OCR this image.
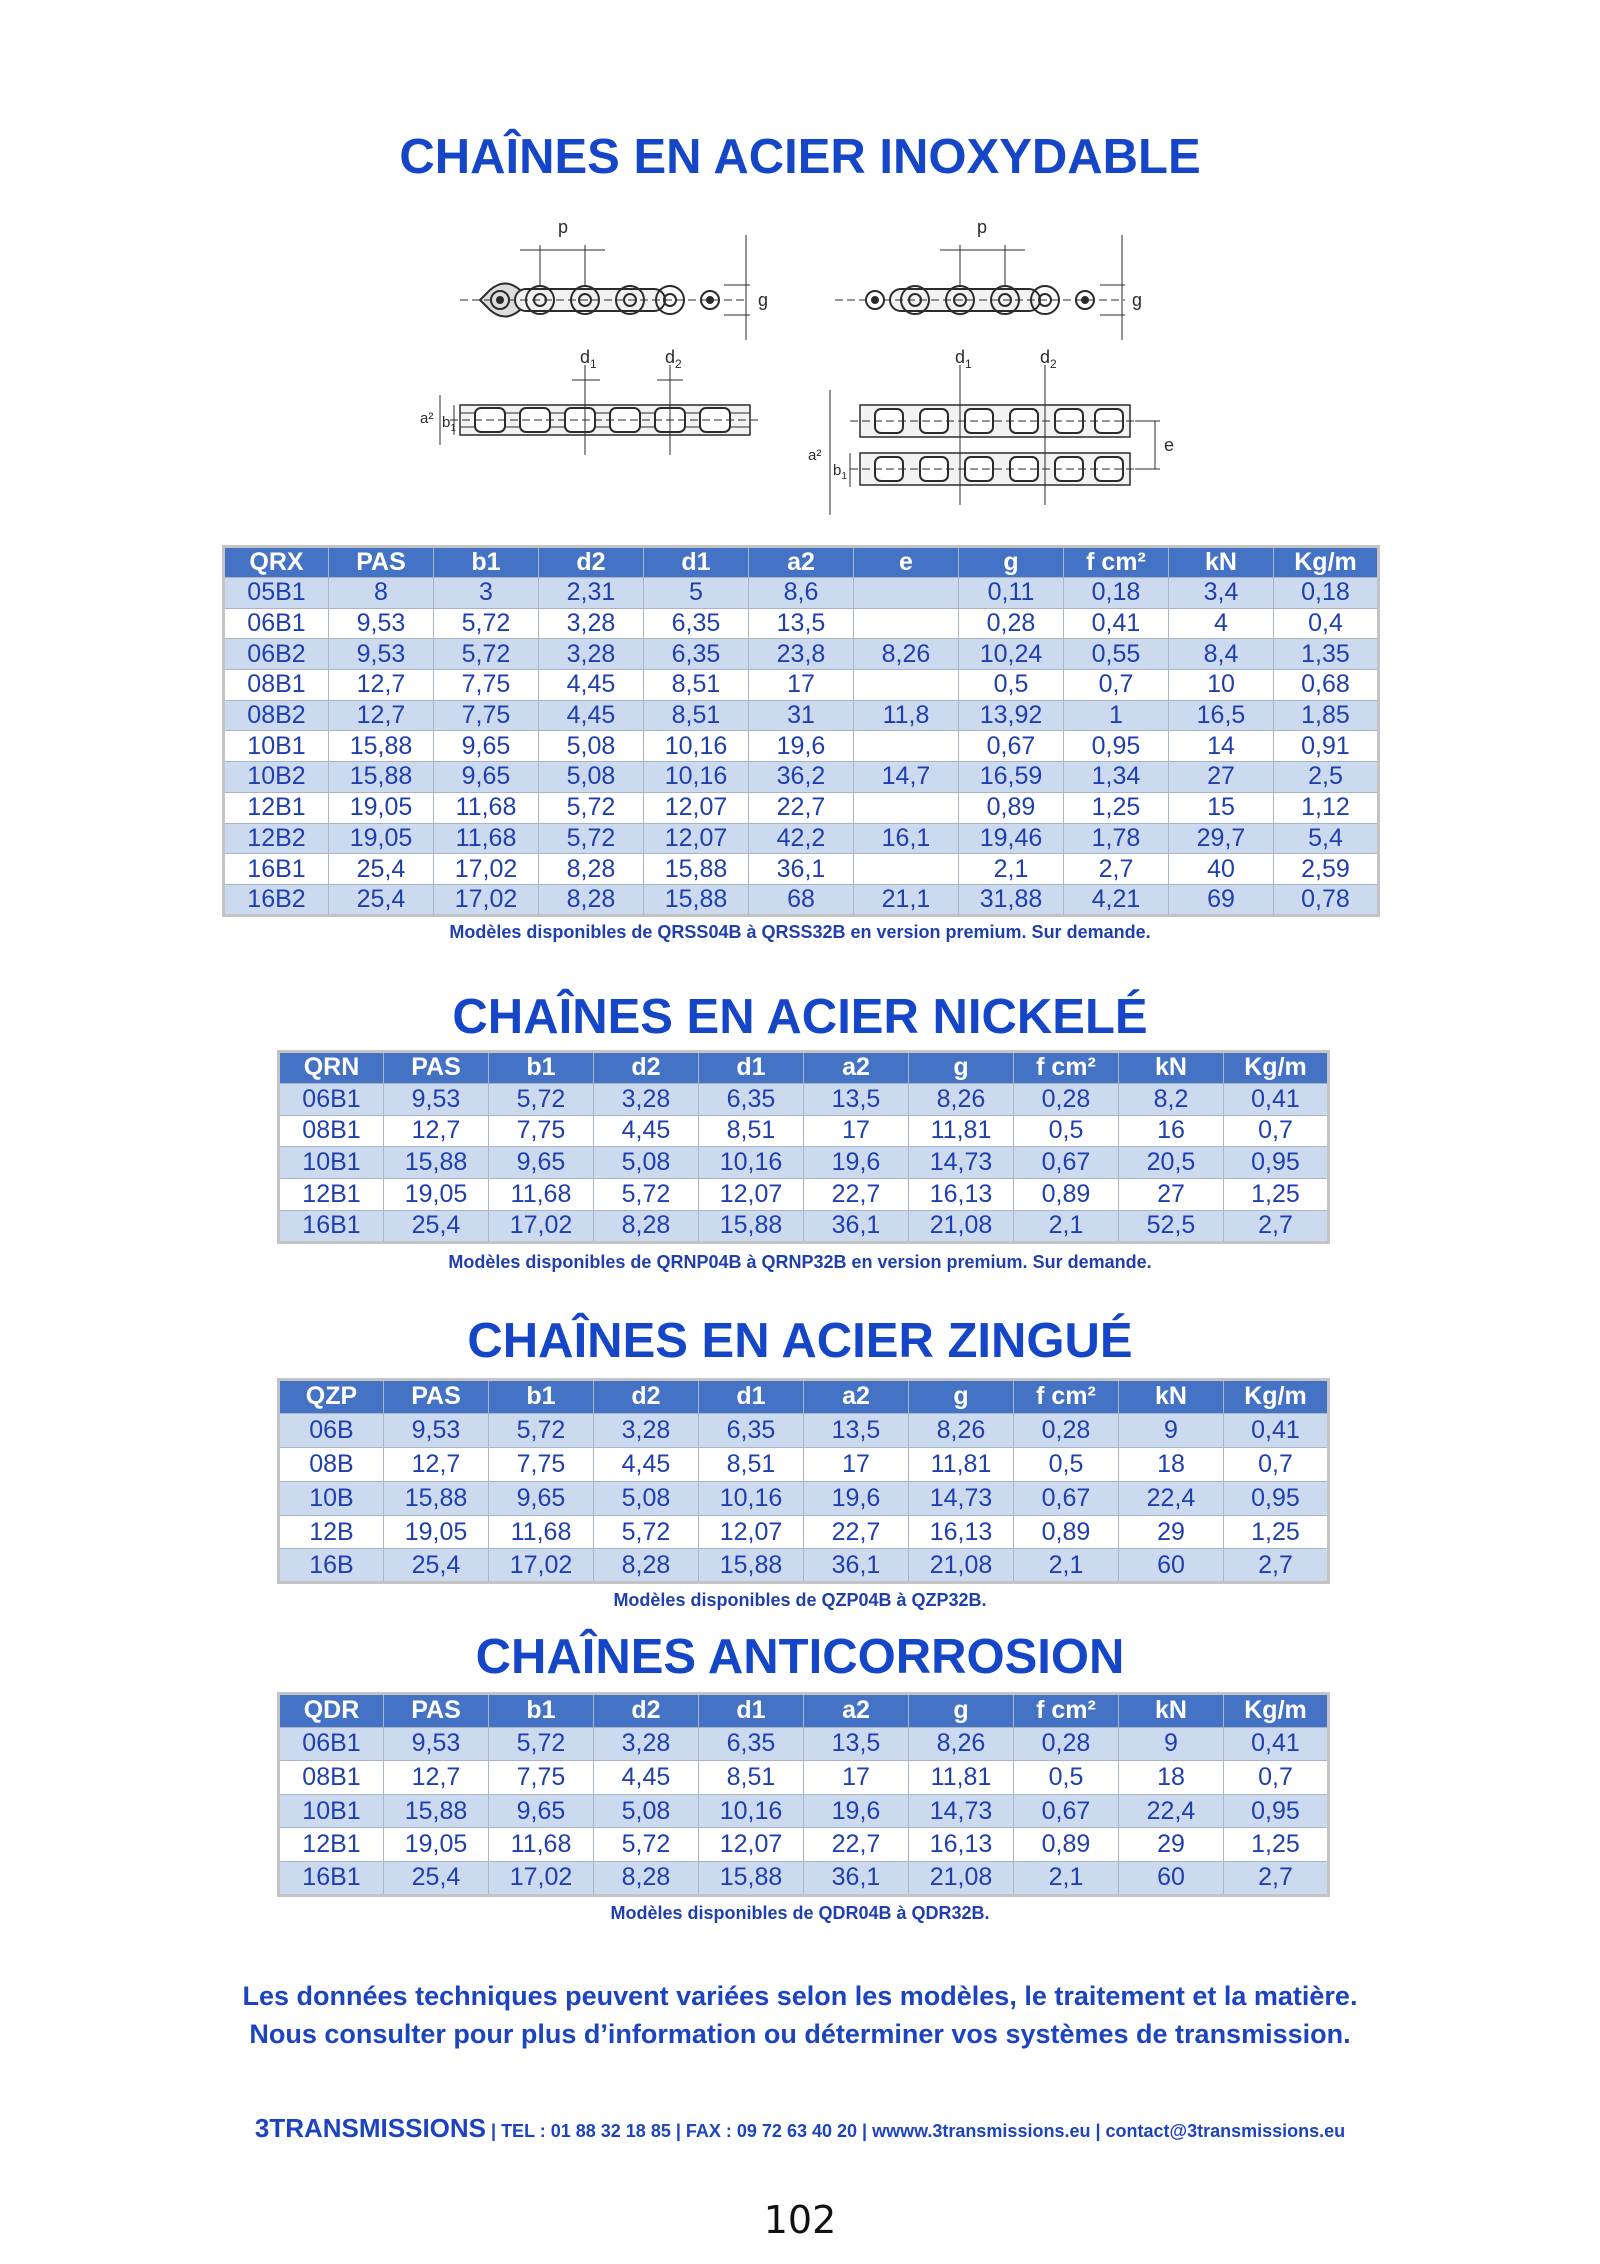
CHAÎNES EN ACIER INOXYDABLE
p	p
g	g
$d_1$	$d_2$	$d_1$	$d_2$
a² $b_1$
a²
$b_1$
e
QRX	PAS	b1	d2	d1	a2	e	g	f cm²	kN	Kg/m
05B1	8	3	2,31	5	8,6		0,11	0,18	3,4	0,18
06B1	9,53	5,72	3,28	6,35	13,5		0,28	0,41	4	0,4
06B2	9,53	5,72	3,28	6,35	23,8	8,26	10,24	0,55	8,4	1,35
08B1	12,7	7,75	4,45	8,51	17		0,5	0,7	10	0,68
08B2	12,7	7,75	4,45	8,51	31	11,8	13,92	1	16,5	1,85
10B1	15,88	9,65	5,08	10,16	19,6		0,67	0,95	14	0,91
10B2	15,88	9,65	5,08	10,16	36,2	14,7	16,59	1,34	27	2,5
12B1	19,05	11,68	5,72	12,07	22,7		0,89	1,25	15	1,12
12B2	19,05	11,68	5,72	12,07	42,2	16,1	19,46	1,78	29,7	5,4
16B1	25,4	17,02	8,28	15,88	36,1		2,1	2,7	40	2,59
16B2	25,4	17,02	8,28	15,88	68	21,1	31,88	4,21	69	0,78

Modèles disponibles de QRSS04B à QRSS32B en version premium. Sur demande.

CHAÎNES EN ACIER NICKELÉ
QRN	PAS	b1	d2	d1	a2	g	f cm²	kN	Kg/m
06B1	9,53	5,72	3,28	6,35	13,5	8,26	0,28	8,2	0,41
08B1	12,7	7,75	4,45	8,51	17	11,81	0,5	16	0,7
10B1	15,88	9,65	5,08	10,16	19,6	14,73	0,67	20,5	0,95
12B1	19,05	11,68	5,72	12,07	22,7	16,13	0,89	27	1,25
16B1	25,4	17,02	8,28	15,88	36,1	21,08	2,1	52,5	2,7

Modèles disponibles de QRNP04B à QRNP32B en version premium. Sur demande.

CHAÎNES EN ACIER ZINGUÉ
QZP	PAS	b1	d2	d1	a2	g	f cm²	kN	Kg/m
06B	9,53	5,72	3,28	6,35	13,5	8,26	0,28	9	0,41
08B	12,7	7,75	4,45	8,51	17	11,81	0,5	18	0,7
10B	15,88	9,65	5,08	10,16	19,6	14,73	0,67	22,4	0,95
12B	19,05	11,68	5,72	12,07	22,7	16,13	0,89	29	1,25
16B	25,4	17,02	8,28	15,88	36,1	21,08	2,1	60	2,7

Modèles disponibles de QZP04B à QZP32B.

CHAÎNES ANTICORROSION
QDR	PAS	b1	d2	d1	a2	g	f cm²	kN	Kg/m
06B1	9,53	5,72	3,28	6,35	13,5	8,26	0,28	9	0,41
08B1	12,7	7,75	4,45	8,51	17	11,81	0,5	18	0,7
10B1	15,88	9,65	5,08	10,16	19,6	14,73	0,67	22,4	0,95
12B1	19,05	11,68	5,72	12,07	22,7	16,13	0,89	29	1,25
16B1	25,4	17,02	8,28	15,88	36,1	21,08	2,1	60	2,7

Modèles disponibles de QDR04B à QDR32B.

Les données techniques peuvent variées selon les modèles, le traitement et la matière.
Nous consulter pour plus d’information ou déterminer vos systèmes de transmission.

3TRANSMISSIONS | TEL : 01 88 32 18 85 | FAX : 09 72 63 40 20 | wwww.3transmissions.eu | contact@3transmissions.eu
102
